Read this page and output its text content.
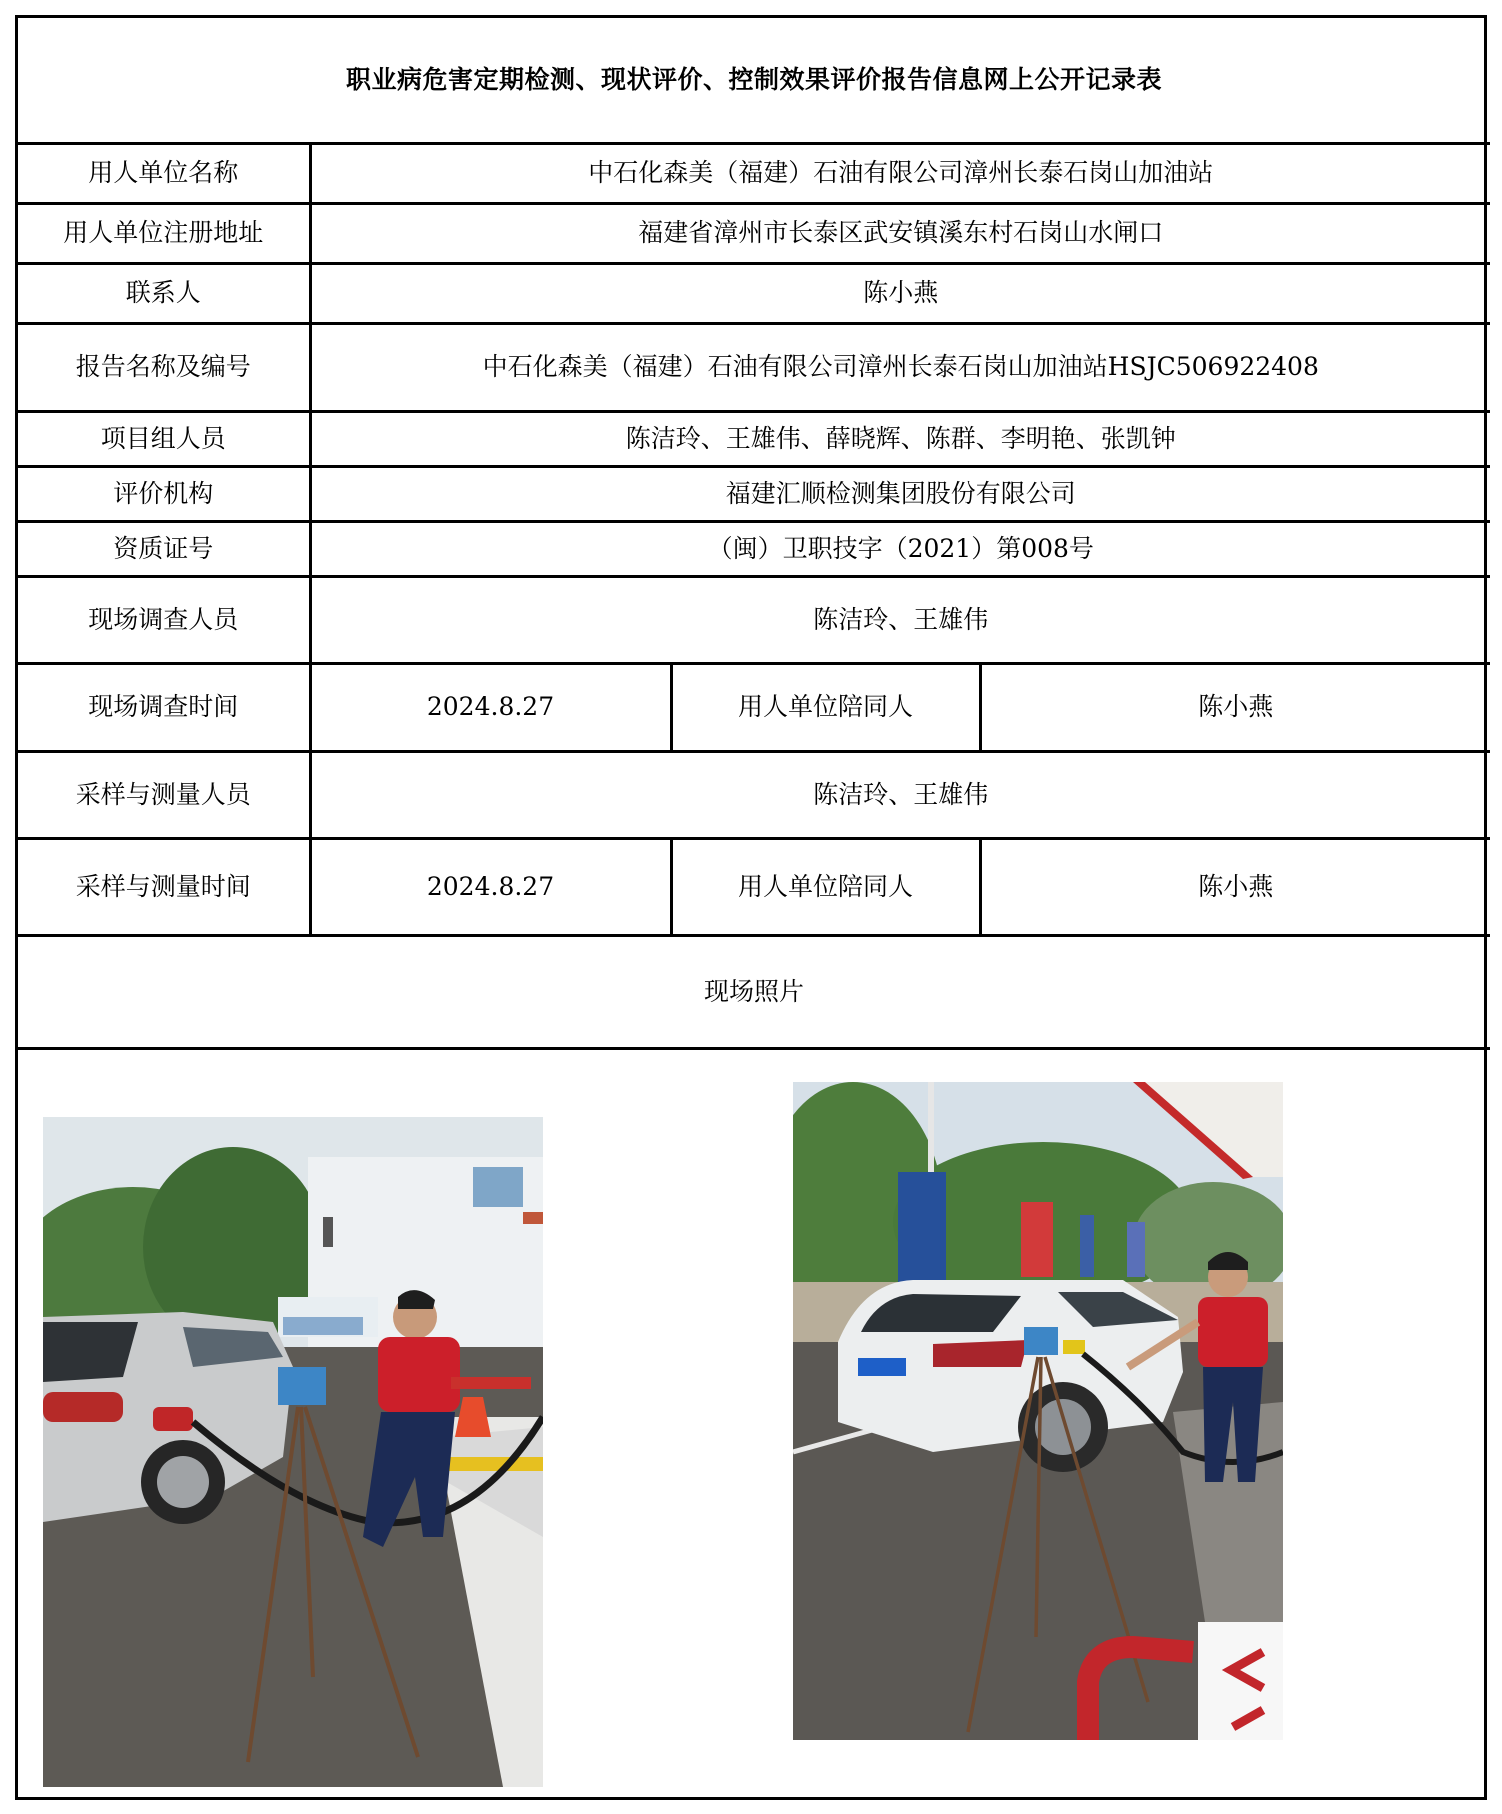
职业病危害定期检测、现状评价、控制效果评价报告信息网上公开记录表			
用人单位名称	中石化森美（福建）石油有限公司漳州长泰石岗山加油站		
用人单位注册地址	福建省漳州市长泰区武安镇溪东村石岗山水闸口		
联系人	陈小燕		
报告名称及编号	中石化森美（福建）石油有限公司漳州长泰石岗山加油站HSJC506922408		
项目组人员	陈洁玲、王雄伟、薛晓辉、陈群、李明艳、张凯钟		
评价机构	福建汇顺检测集团股份有限公司		
资质证号	（闽）卫职技字（2021）第008号		
现场调查人员	陈洁玲、王雄伟		
现场调查时间	2024.8.27	用人单位陪同人	陈小燕
采样与测量人员	陈洁玲、王雄伟		
采样与测量时间	2024.8.27	用人单位陪同人	陈小燕
现场照片			
